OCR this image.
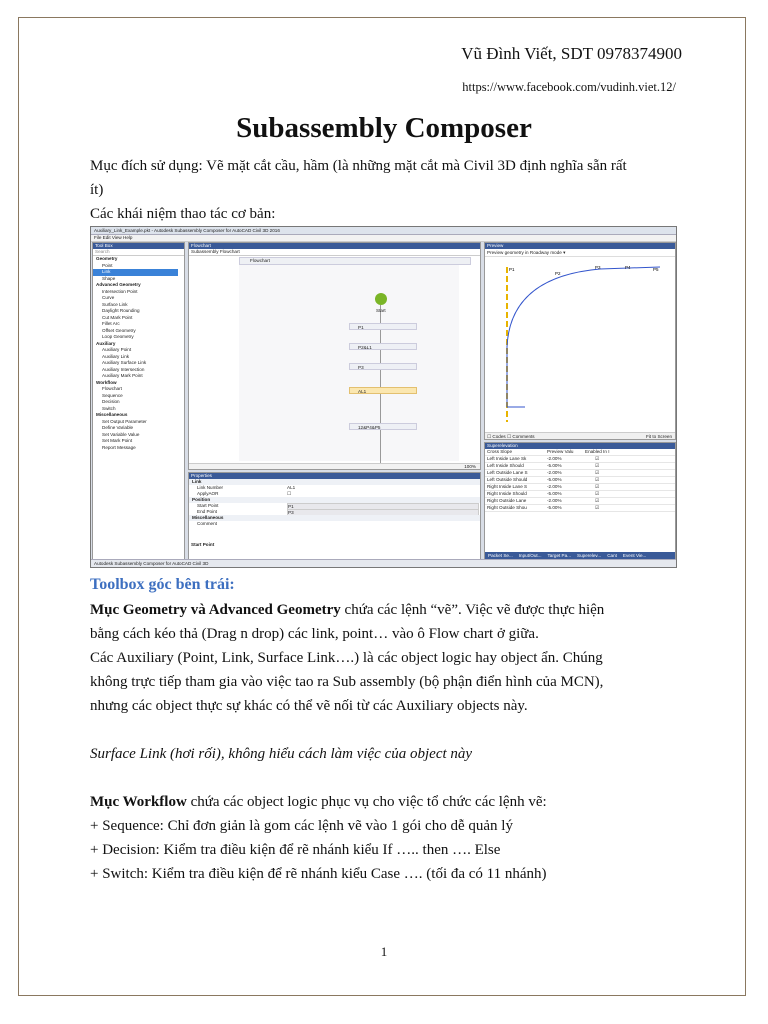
Vũ Đình Viết, SDT 0978374900
https://www.facebook.com/vudinh.viet.12/
Subassembly Composer
Mục đích sử dụng: Vẽ mặt cắt cầu, hầm (là những mặt cắt mà Civil 3D định nghĩa sẵn rất
ít)
Các khái niệm thao tác cơ bản:
Auxiliary_Link_Example.pkt - Autodesk Subassembly Composer for AutoCAD Civil 3D 2016
File Edit View Help
Tool Box
Search
Geometry
Point
Link
Shape
Advanced Geometry
Intersection Point
Curve
Surface Link
Daylight Rounding
Cut Mark Point
Fillet Arc
Offset Geometry
Loop Geometry
Auxiliary
Auxiliary Point
Auxiliary Link
Auxiliary Surface Link
Auxiliary Intersection
Auxiliary Mark Point
Workflow
Flowchart
Sequence
Decision
Switch
Miscellaneous
Set Output Parameter
Define Variable
Set Variable Value
Set Mark Point
Report Message
Flowchart
Subassembly Flowchart
Flowchart
Start
P1
P2&L1
P3
AL1
12&P4&P5
100%
Properties
Link
Link Number	AL1
ApplyAOR	☐
Position
Start Point	P1
End Point	P3
Miscellaneous
Comment
Start Point
Preview
Preview geometry in Roadway mode ▾
P1
P2
P3	P4	P5
☐ Codes ☐ Comments	Fit to Screen
Superelevation
Cross Slope	Preview Valu	Enabled In I
Left Inside Lane Sk	-2.00%	☑
Left Inside Should	-5.00%	☑
Left Outside Lane S	-2.00%	☑
Left Outside Should	-5.00%	☑
Right Inside Lane S	-2.00%	☑
Right Inside Should	-5.00%	☑
Right Outside Lane	-2.00%	☑
Right Outside Shou	-5.00%	☑
Packet Se... Input/Out... Target Pa... Superelev... Cant Event Vie...
Autodesk Subassembly Composer for AutoCAD Civil 3D
Toolbox góc bên trái:
Mục Geometry và Advanced Geometry chứa các lệnh “vẽ”. Việc vẽ được thực hiện
bằng cách kéo thả (Drag n drop) các link, point… vào ô Flow chart ở giữa.
Các Auxiliary (Point, Link, Surface Link….) là các object logic hay object ẩn. Chúng
không trực tiếp tham gia vào việc tao ra Sub assembly (bộ phận điển hình của MCN),
nhưng các object thực sự khác có thể vẽ nối từ các Auxiliary objects này.
Surface Link (hơi rối), không hiểu cách làm việc của object này
Mục Workflow chứa các object logic phục vụ cho việc tổ chức các lệnh vẽ:
+ Sequence: Chỉ đơn giản là gom các lệnh vẽ vào 1 gói cho dễ quản lý
+ Decision: Kiểm tra điều kiện để rẽ nhánh kiểu If ….. then …. Else
+ Switch: Kiểm tra điều kiện để rẽ nhánh kiểu Case …. (tối đa có 11 nhánh)
1
